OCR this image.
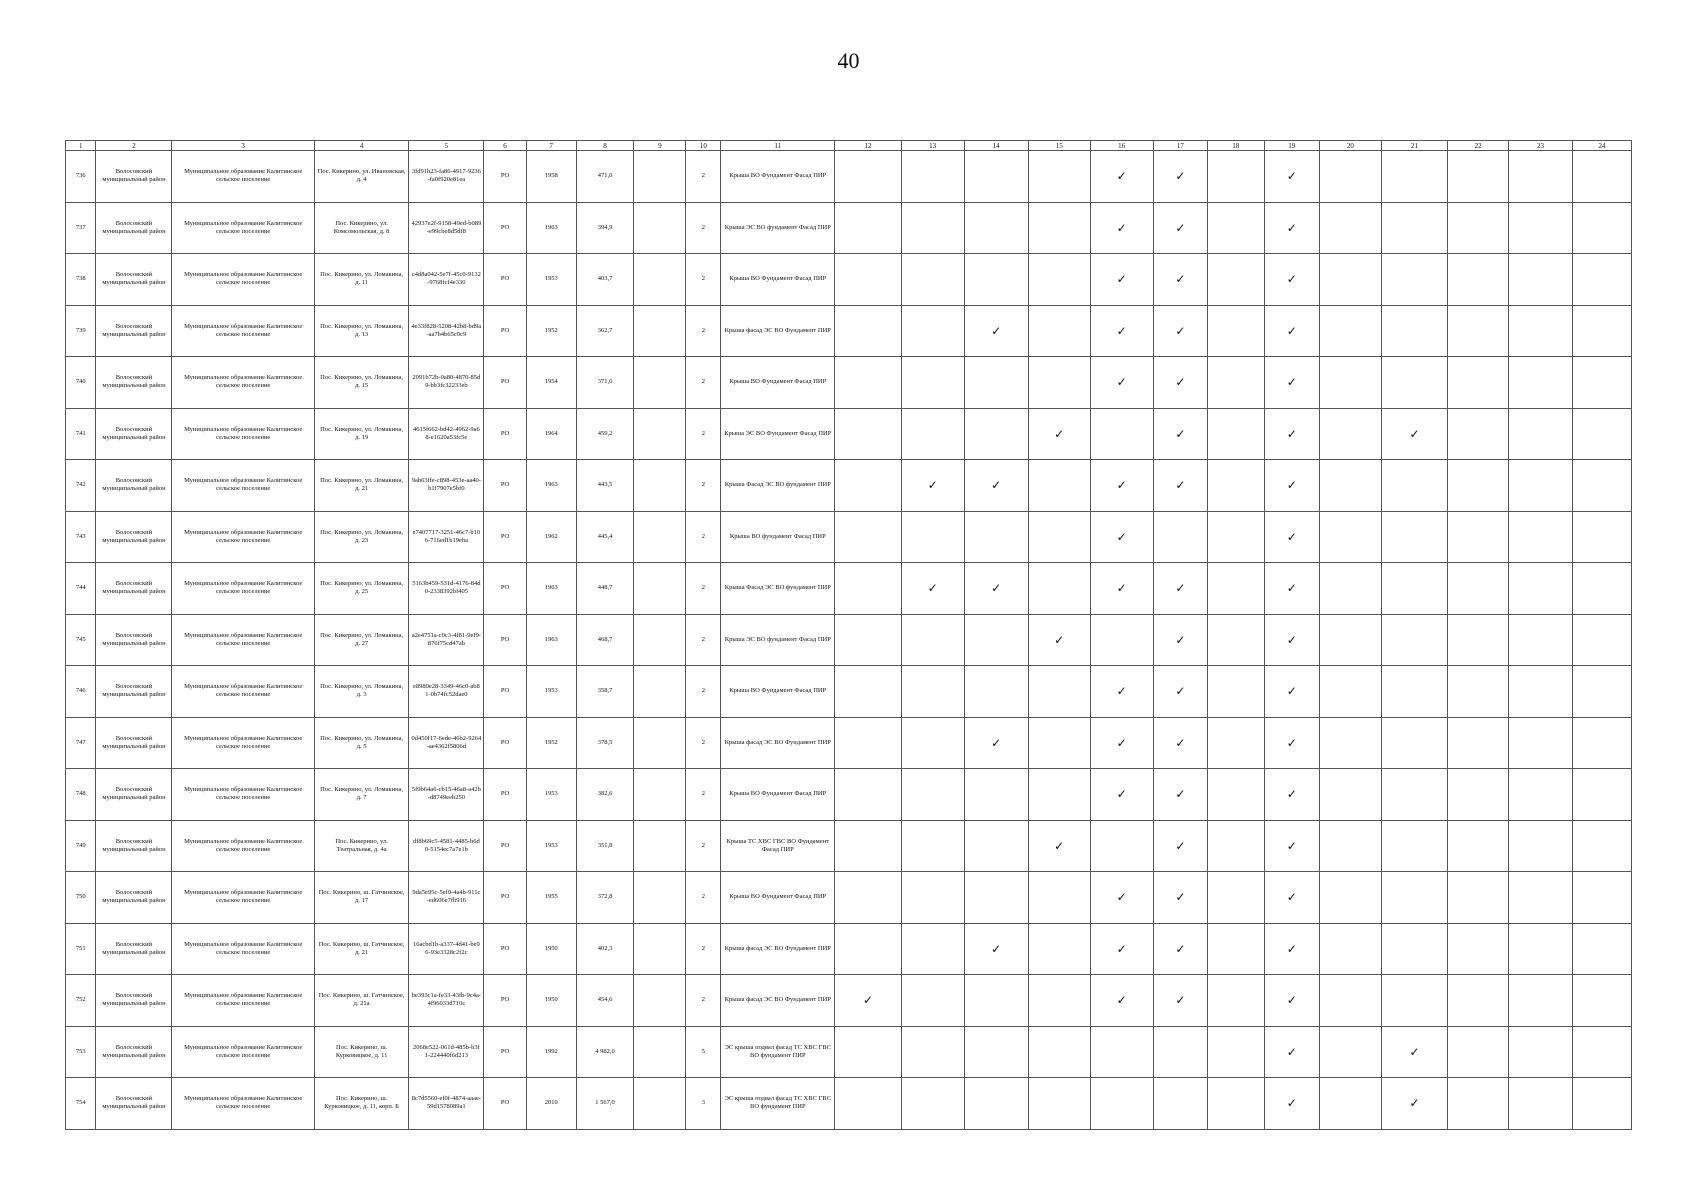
40
1	2	3	4	5	6	7	8	9	10	11	12	13	14	15	16	17	18	19	20	21	22	23	24
736	Волосовский муниципальный район	Муниципальное образование Калитинское сельское поселение	Пос. Кикерино, ул. Ивановская, д. 4	3fd91b23-fa86-4917-9236-fa0f920e81ea	РО	1958	471,0		2	Крыша ВО Фундамент Фасад ПИР					✓	✓		✓					
737	Волосовский муниципальный район	Муниципальное образование Калитинское сельское поселение	Пос. Кикерино, ул. Комсомольская, д. 8	42937e2f-9158-49ed-b089-e99cbe8d5df8	РО	1963	394,9		2	Крыша ЭС ВО фундамент Фасад ПИР					✓	✓		✓					
738	Волосовский муниципальный район	Муниципальное образование Калитинское сельское поселение	Пос. Кикерино, ул. Ломакина, д. 11	c4d8a042-5e7f-45c0-9132-9768fcf4e330	РО	1953	403,7		2	Крыша ВО Фундамент Фасад ПИР					✓	✓		✓					
739	Волосовский муниципальный район	Муниципальное образование Калитинское сельское поселение	Пос. Кикерино, ул. Ломакина, д. 13	4e33f828-5208-42b8-bd9a-aa7b4b65c0c9	РО	1952	362,7		2	Крыша фасад ЭС ВО Фундамент ПИР			✓		✓	✓		✓					
740	Волосовский муниципальный район	Муниципальное образование Калитинское сельское поселение	Пос. Кикерино, ул. Ломакина, д. 15	2091b72b-0a80-4870-85d9-bb3fc32233eb	РО	1954	371,6		2	Крыша ВО Фундамент Фасад ПИР					✓	✓		✓					
741	Волосовский муниципальный район	Муниципальное образование Калитинское сельское поселение	Пос. Кикерино, ул. Ломакина, д. 19	4615f662-bd42-4962-9a68-e1620a53fc5e	РО	1964	459,2		2	Крыша ЭС ВО Фундамент Фасад ПИР				✓		✓		✓		✓			
742	Волосовский муниципальный район	Муниципальное образование Калитинское сельское поселение	Пос. Кикерино, ул. Ломакина, д. 21	9ab63ffe-c898-453e-aa40-b1f7907e5bf0	РО	1963	443,5		2	Крыша Фасад ЭС ВО фундамент ПИР		✓	✓		✓	✓		✓					
743	Волосовский муниципальный район	Муниципальное образование Калитинское сельское поселение	Пос. Кикерино, ул. Ломакина, д. 23	e7407717-3251-46c7-b106-716ed1b19eba	РО	1962	445,4		2	Крыша ВО фундамент Фасад ПИР					✓			✓					
744	Волосовский муниципальный район	Муниципальное образование Калитинское сельское поселение	Пос. Кикерино, ул. Ломакина, д. 25	5163b459-531d-4176-84d0-2338392bf405	РО	1963	448,7		2	Крыша Фасад ЭС ВО фундамент ПИР		✓	✓		✓	✓		✓					
745	Волосовский муниципальный район	Муниципальное образование Калитинское сельское поселение	Пос. Кикерино, ул. Ломакина, д. 27	a2e4751a-c0c3-4f81-9ef9-876f75cd47ab	РО	1963	468,7		2	Крыша ЭС ВО фундамент Фасад ПИР				✓		✓		✓					
746	Волосовский муниципальный район	Муниципальное образование Калитинское сельское поселение	Пос. Кикерино, ул. Ломакина, д. 3	e8980e28-3349-46c0-ab81-0b74fc52dae0	РО	1953	358,7		2	Крыша ВО Фундамент Фасад ПИР					✓	✓		✓					
747	Волосовский муниципальный район	Муниципальное образование Калитинское сельское поселение	Пос. Кикерино, ул. Ломакина, д. 5	0d450f17-6ede-46b2-9264-ae4362f5806d	РО	1952	378,5		2	Крыша фасад ЭС ВО Фундамент ПИР			✓		✓	✓		✓					
748	Волосовский муниципальный район	Муниципальное образование Калитинское сельское поселение	Пос. Кикерино, ул. Ломакина, д. 7	5f9b64a6-cb15-46a8-a42b-d8749eeb250	РО	1953	382,6		2	Крыша ВО Фундамент Фасад ПИР					✓	✓		✓					
749	Волосовский муниципальный район	Муниципальное образование Калитинское сельское поселение	Пос. Кикерино, ул. Театральная, д. 4а	df8b69c5-4581-4485-b6d0-5154ec7a7e1b	РО	1953	351,8		2	Крыша ТС ХВС ГВС ВО Фундамент Фасад ПИР				✓		✓		✓					
750	Волосовский муниципальный район	Муниципальное образование Калитинское сельское поселение	Пос. Кикерино, ш. Гатчинское, д. 17	9da5e95c-5ef9-4a4b-911c-ed606e7fb916	РО	1955	372,8		2	Крыша ВО Фундамент Фасад ПИР					✓	✓		✓					
751	Волосовский муниципальный район	Муниципальное образование Калитинское сельское поселение	Пос. Кикерино, ш. Гатчинское, д. 21	16acbd1b-a337-4d41-be96-93e3328c2f2c	РО	1950	402,3		2	Крыша фасад ЭС ВО Фундамент ПИР			✓		✓	✓		✓					
752	Волосовский муниципальный район	Муниципальное образование Калитинское сельское поселение	Пос. Кикерино, ш. Гатчинское, д. 21а	be393c1a-fe33-43fb-9c4a-4f96033d710c	РО	1950	454,6		2	Крыша фасад ЭС ВО Фундамент ПИР	✓				✓	✓		✓					
753	Волосовский муниципальный район	Муниципальное образование Калитинское сельское поселение	Пос. Кикерино, ш. Курковицкое, д. 11	2068e522-061d-485b-b3f1-224440f6d213	РО	1992	4 982,0		5	ЭС крыша подвал фасад ТС ХВС ГВС ВО фундамент ПИР								✓		✓			
754	Волосовский муниципальный район	Муниципальное образование Калитинское сельское поселение	Пос. Кикерино, ш. Курковицкое, д. 11, корп. Б	8c7d5560-ef0f-4874-aaae-59d1578089a1	РО	2010	1 567,0		3	ЭС крыша подвал фасад ТС ХВС ГВС ВО фундамент ПИР								✓		✓			
